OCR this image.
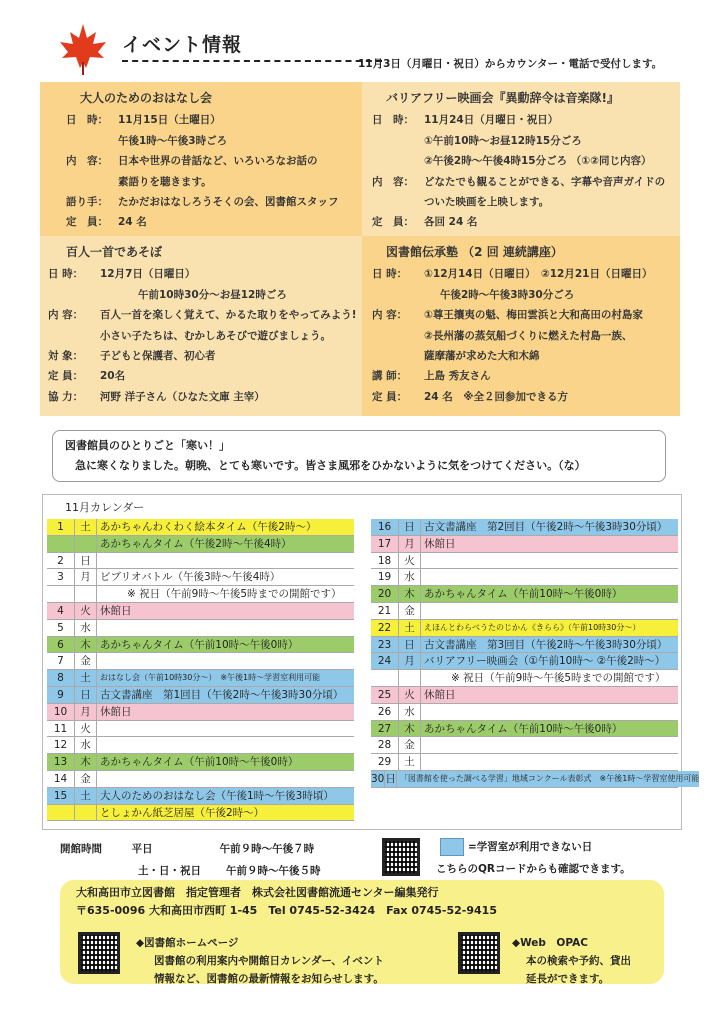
イベント情報
11月3日（月曜日・祝日）からカウンター・電話で受付します。
大人のためのおはなし会
日　時： 11月15日（土曜日）
午後1時～午後3時ごろ
内　容： 日本や世界の昔話など、いろいろなお話の
素語りを聴きます。
語り手： たかだおはなしろうそくの会、図書館スタッフ
定　員： 24 名
バリアフリー映画会『異動辞令は音楽隊!』
日　時： 11月24日（月曜日・祝日）
①午前10時～お昼12時15分ごろ
②午後2時～午後4時15分ごろ （①②同じ内容）
内　容： どなたでも観ることができる、字幕や音声ガイドの
ついた映画を上映します。
定　員： 各回 24 名
百人一首であそぼ
日 時：	12月7日（日曜日）
午前10時30分～お昼12時ごろ
内 容：	百人一首を楽しく覚えて、かるた取りをやってみよう!
小さい子たちは、むかしあそびで遊びましょう。
対 象：	子どもと保護者、初心者
定 員：	20名
協 力：	河野 洋子さん（ひなた文庫 主宰）
図書館伝承塾 （2 回 連続講座）
日 時：	①12月14日（日曜日）　②12月21日（日曜日）
午後2時～午後3時30分ごろ
内 容：	①尊王攘夷の魁、梅田雲浜と大和高田の村島家
②長州藩の蒸気船づくりに燃えた村島一族、
薩摩藩が求めた大和木綿
講 師：	上島 秀友さん
定 員：	24 名　※全２回参加できる方
図書館員のひとりごと「寒い！」
急に寒くなりました。朝晩、とても寒いです。皆さま風邪をひかないように気をつけてください。（な）
11月カレンダー
1	土 あかちゃんわくわく絵本タイム（午後2時～）
あかちゃんタイム（午後2時～午後4時）
2	日
3	月 ビブリオバトル（午後3時～午後4時）
※ 祝日（午前9時～午後5時までの開館です）
4	火 休館日
5	水
6	木 あかちゃんタイム（午前10時～午後0時）
7	金
8	土	おはなし会（午前10時30分～）　※午後1時～学習室利用可能
9	日 古文書講座　第1回目（午後2時～午後3時30分頃）
10	月 休館日
11	火
12	水
13	木 あかちゃんタイム（午前10時～午後0時）
14	金
15	土 大人のためのおはなし会（午後1時～午後3時頃）
としょかん紙芝居屋（午後2時～）
16	日 古文書講座　第2回目（午後2時～午後3時30分頃）
17	月 休館日
18	火
19	水
20	木 あかちゃんタイム（午前10時～午後0時）
21	金
22	土	えほんとわらべうたのじかん《きらら》（午前10時30分～）
23	日 古文書講座　第3回目（午後2時～午後3時30分頃）
24	月 バリアフリー映画会（①午前10時～ ②午後2時～）
※ 祝日（午前9時～午後5時までの開館です）
25	火 休館日
26	水
27	木 あかちゃんタイム（午前10時～午後0時）
28	金
29	土
30 日 「図書館を使った調べる学習」地域コンクール表彰式　※午後1時～学習室使用可能
開館時間	平日	午前９時～午後７時
土・日・祝日 午前９時～午後５時
=学習室が利用できない日
こちらのQRコードからも確認できます。
大和高田市立図書館　指定管理者　株式会社図書館流通センター編集発行
〒635-0096 大和高田市西町 1-45　Tel 0745-52-3424　Fax 0745-52-9415
◆図書館ホームページ
図書館の利用案内や開館日カレンダー、イベント
情報など、図書館の最新情報をお知らせします。
◆Web　OPAC
本の検索や予約、貸出
延長ができます。
